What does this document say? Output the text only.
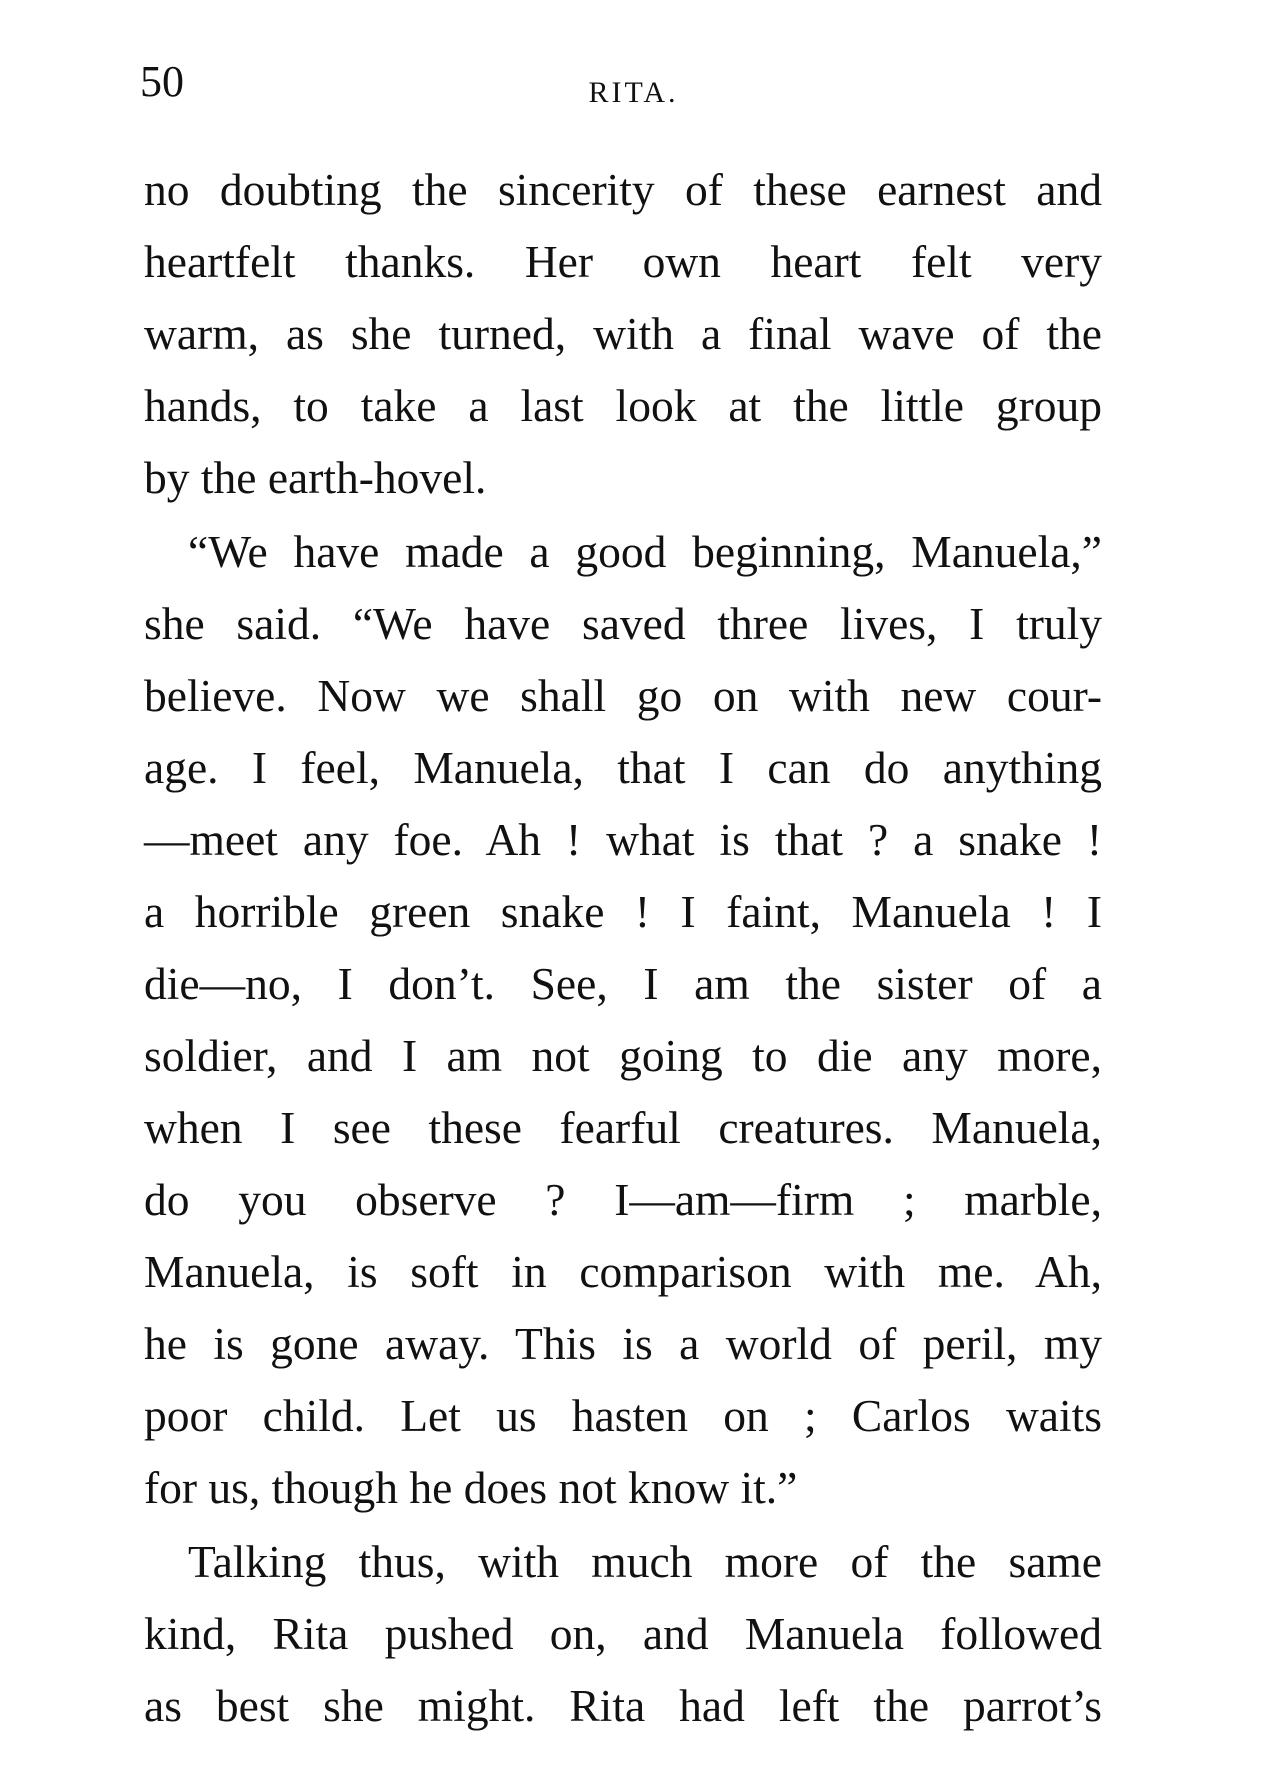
50	RITA.
no doubting the sincerity of these earnest and
heartfelt thanks. Her own heart felt very
warm, as she turned, with a final wave of the
hands, to take a last look at the little group
by the earth-hovel.
“We have made a good beginning, Manuela,”
she said. “We have saved three lives, I truly
believe. Now we shall go on with new cour-
age. I feel, Manuela, that I can do anything
—meet any foe. Ah ! what is that ? a snake !
a horrible green snake ! I faint, Manuela ! I
die—no, I don’t. See, I am the sister of a
soldier, and I am not going to die any more,
when I see these fearful creatures. Manuela,
do you observe ? I—am—firm ; marble,
Manuela, is soft in comparison with me. Ah,
he is gone away. This is a world of peril, my
poor child. Let us hasten on ; Carlos waits
for us, though he does not know it.”
Talking thus, with much more of the same
kind, Rita pushed on, and Manuela followed
as best she might. Rita had left the parrot’s
